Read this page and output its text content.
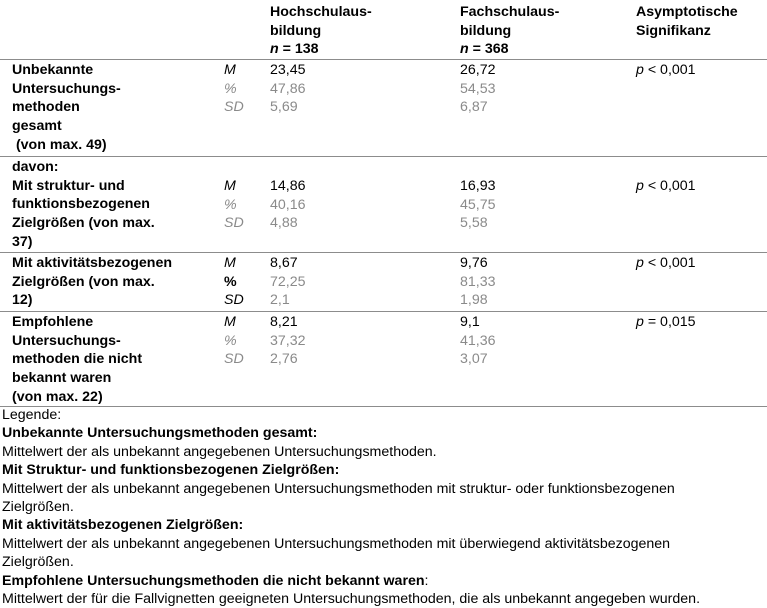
Hochschulaus-
bildung
n = 138
Fachschulaus-
bildung
n = 368
Asymptotische
Signifikanz
Unbekannte
Untersuchungs-
methoden
gesamt
(von max. 49)
M
%
SD
23,45
47,86
5,69
26,72
54,53
6,87
p < 0,001
davon:
Mit struktur- und
funktionsbezogenen
Zielgrößen (von max.
37)
M
%
SD
14,86
40,16
4,88
16,93
45,75
5,58
p < 0,001
Mit aktivitätsbezogenen
Zielgrößen (von max.
12)
M
%
SD
8,67
72,25
2,1
9,76
81,33
1,98
p < 0,001
Empfohlene
Untersuchungs-
methoden die nicht
bekannt waren
(von max. 22)
M
%
SD
8,21
37,32
2,76
9,1
41,36
3,07
p = 0,015
Legende:
Unbekannte Untersuchungsmethoden gesamt:
Mittelwert der als unbekannt angegebenen Untersuchungsmethoden.
Mit Struktur- und funktionsbezogenen Zielgrößen:
Mittelwert der als unbekannt angegebenen Untersuchungsmethoden mit struktur- oder funktionsbezogenen
Zielgrößen.
Mit aktivitätsbezogenen Zielgrößen:
Mittelwert der als unbekannt angegebenen Untersuchungsmethoden mit überwiegend aktivitätsbezogenen
Zielgrößen.
Empfohlene Untersuchungsmethoden die nicht bekannt waren:
Mittelwert der für die Fallvignetten geeigneten Untersuchungsmethoden, die als unbekannt angegeben wurden.
